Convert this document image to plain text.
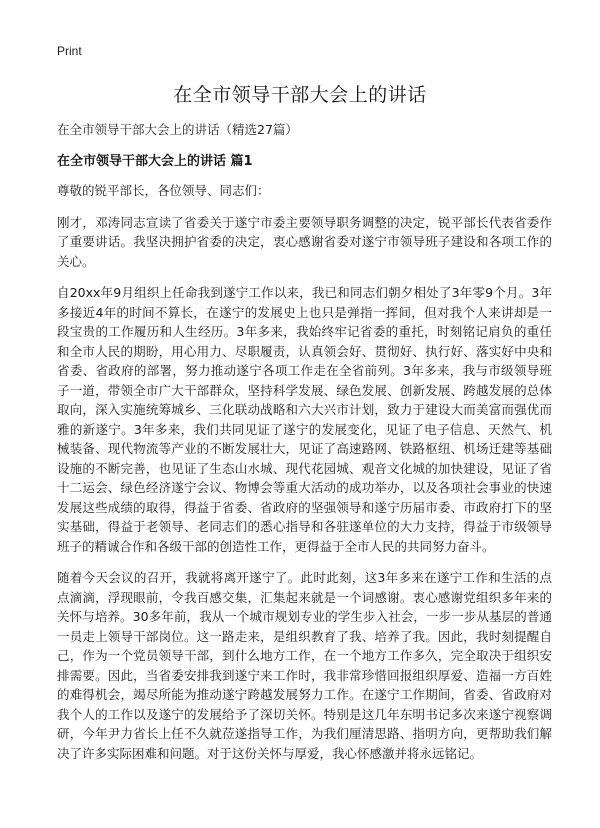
Print
在全市领导干部大会上的讲话
在全市领导干部大会上的讲话（精选27篇）
在全市领导干部大会上的讲话 篇1

尊敬的锐平部长，各位领导、同志们：

刚才，邓涛同志宣读了省委关于遂宁市委主要领导职务调整的决定，锐平部长代表省委作了重要讲话。我坚决拥护省委的决定，衷心感谢省委对遂宁市领导班子建设和各项工作的关心。

自20xx年9月组织上任命我到遂宁工作以来，我已和同志们朝夕相处了3年零9个月。3年多接近4年的时间不算长，在遂宁的发展史上也只是弹指一挥间，但对我个人来讲却是一段宝贵的工作履历和人生经历。3年多来，我始终牢记省委的重托，时刻铭记肩负的重任和全市人民的期盼，用心用力、尽职履责，认真领会好、贯彻好、执行好、落实好中央和省委、省政府的部署，努力推动遂宁各项工作走在全省前列。3年多来，我与市级领导班子一道，带领全市广大干部群众，坚持科学发展、绿色发展、创新发展、跨越发展的总体取向，深入实施统筹城乡、三化联动战略和六大兴市计划，致力于建设大而美富而强优而雅的新遂宁。3年多来，我们共同见证了遂宁的发展变化，见证了电子信息、天然气、机械装备、现代物流等产业的不断发展壮大，见证了高速路网、铁路枢纽、机场迁建等基础设施的不断完善，也见证了生态山水城、现代花园城、观音文化城的加快建设，见证了省十二运会、绿色经济遂宁会议、物博会等重大活动的成功举办，以及各项社会事业的快速发展这些成绩的取得，得益于省委、省政府的坚强领导和遂宁历届市委、市政府打下的坚实基础，得益于老领导、老同志们的悉心指导和各驻遂单位的大力支持，得益于市级领导班子的精诚合作和各级干部的创造性工作，更得益于全市人民的共同努力奋斗。

随着今天会议的召开，我就将离开遂宁了。此时此刻，这3年多来在遂宁工作和生活的点点滴滴，浮现眼前，令我百感交集，汇集起来就是一个词感谢。衷心感谢党组织多年来的关怀与培养。30多年前，我从一个城市规划专业的学生步入社会，一步一步从基层的普通一员走上领导干部岗位。这一路走来，是组织教育了我、培养了我。因此，我时刻提醒自己，作为一个党员领导干部，到什么地方工作，在一个地方工作多久，完全取决于组织安排需要。因此，当省委安排我到遂宁来工作时，我非常珍惜回报组织厚爱、造福一方百姓的难得机会，竭尽所能为推动遂宁跨越发展努力工作。在遂宁工作期间，省委、省政府对我个人的工作以及遂宁的发展给予了深切关怀。特别是这几年东明书记多次来遂宁视察调研，今年尹力省长上任不久就莅遂指导工作，为我们厘清思路、指明方向，更帮助我们解决了许多实际困难和问题。对于这份关怀与厚爱，我心怀感激并将永远铭记。
